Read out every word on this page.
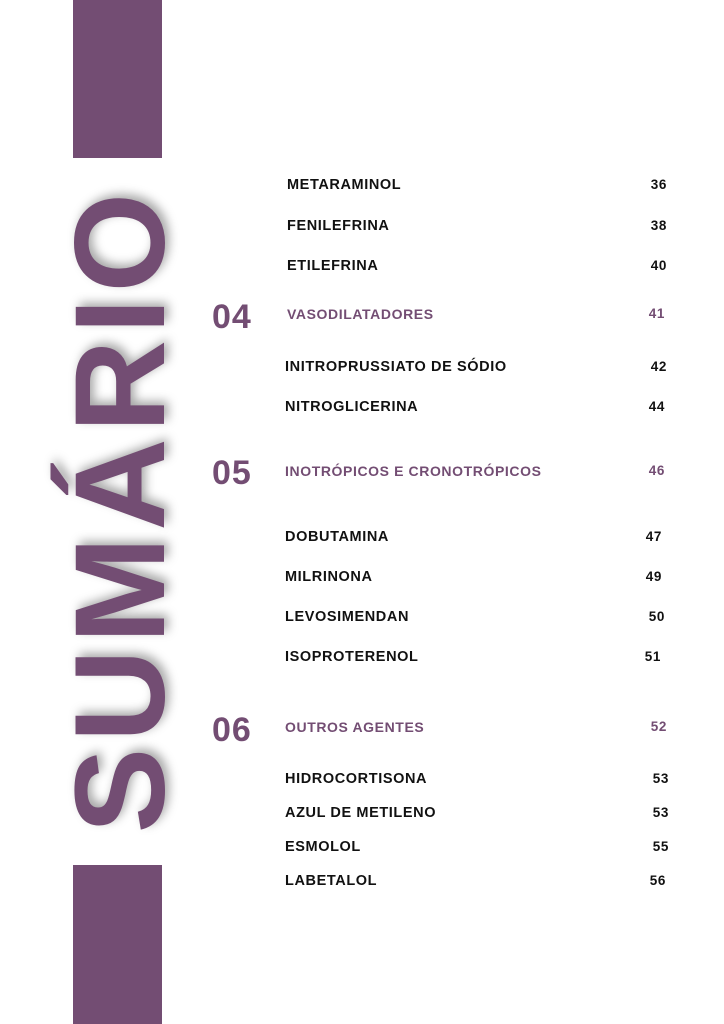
SUMÁRIO
METARAMINOL	36
FENILEFRINA	38
ETILEFRINA	40
04	VASODILATADORES	41
INITROPRUSSIATO DE SÓDIO	42
NITROGLICERINA	44
05 INOTRÓPICOS E CRONOTRÓPICOS	46
DOBUTAMINA	47
MILRINONA	49
LEVOSIMENDAN	50
ISOPROTERENOL	51
06 OUTROS AGENTES	52
HIDROCORTISONA	53
AZUL DE METILENO	53
ESMOLOL	55
LABETALOL	56
